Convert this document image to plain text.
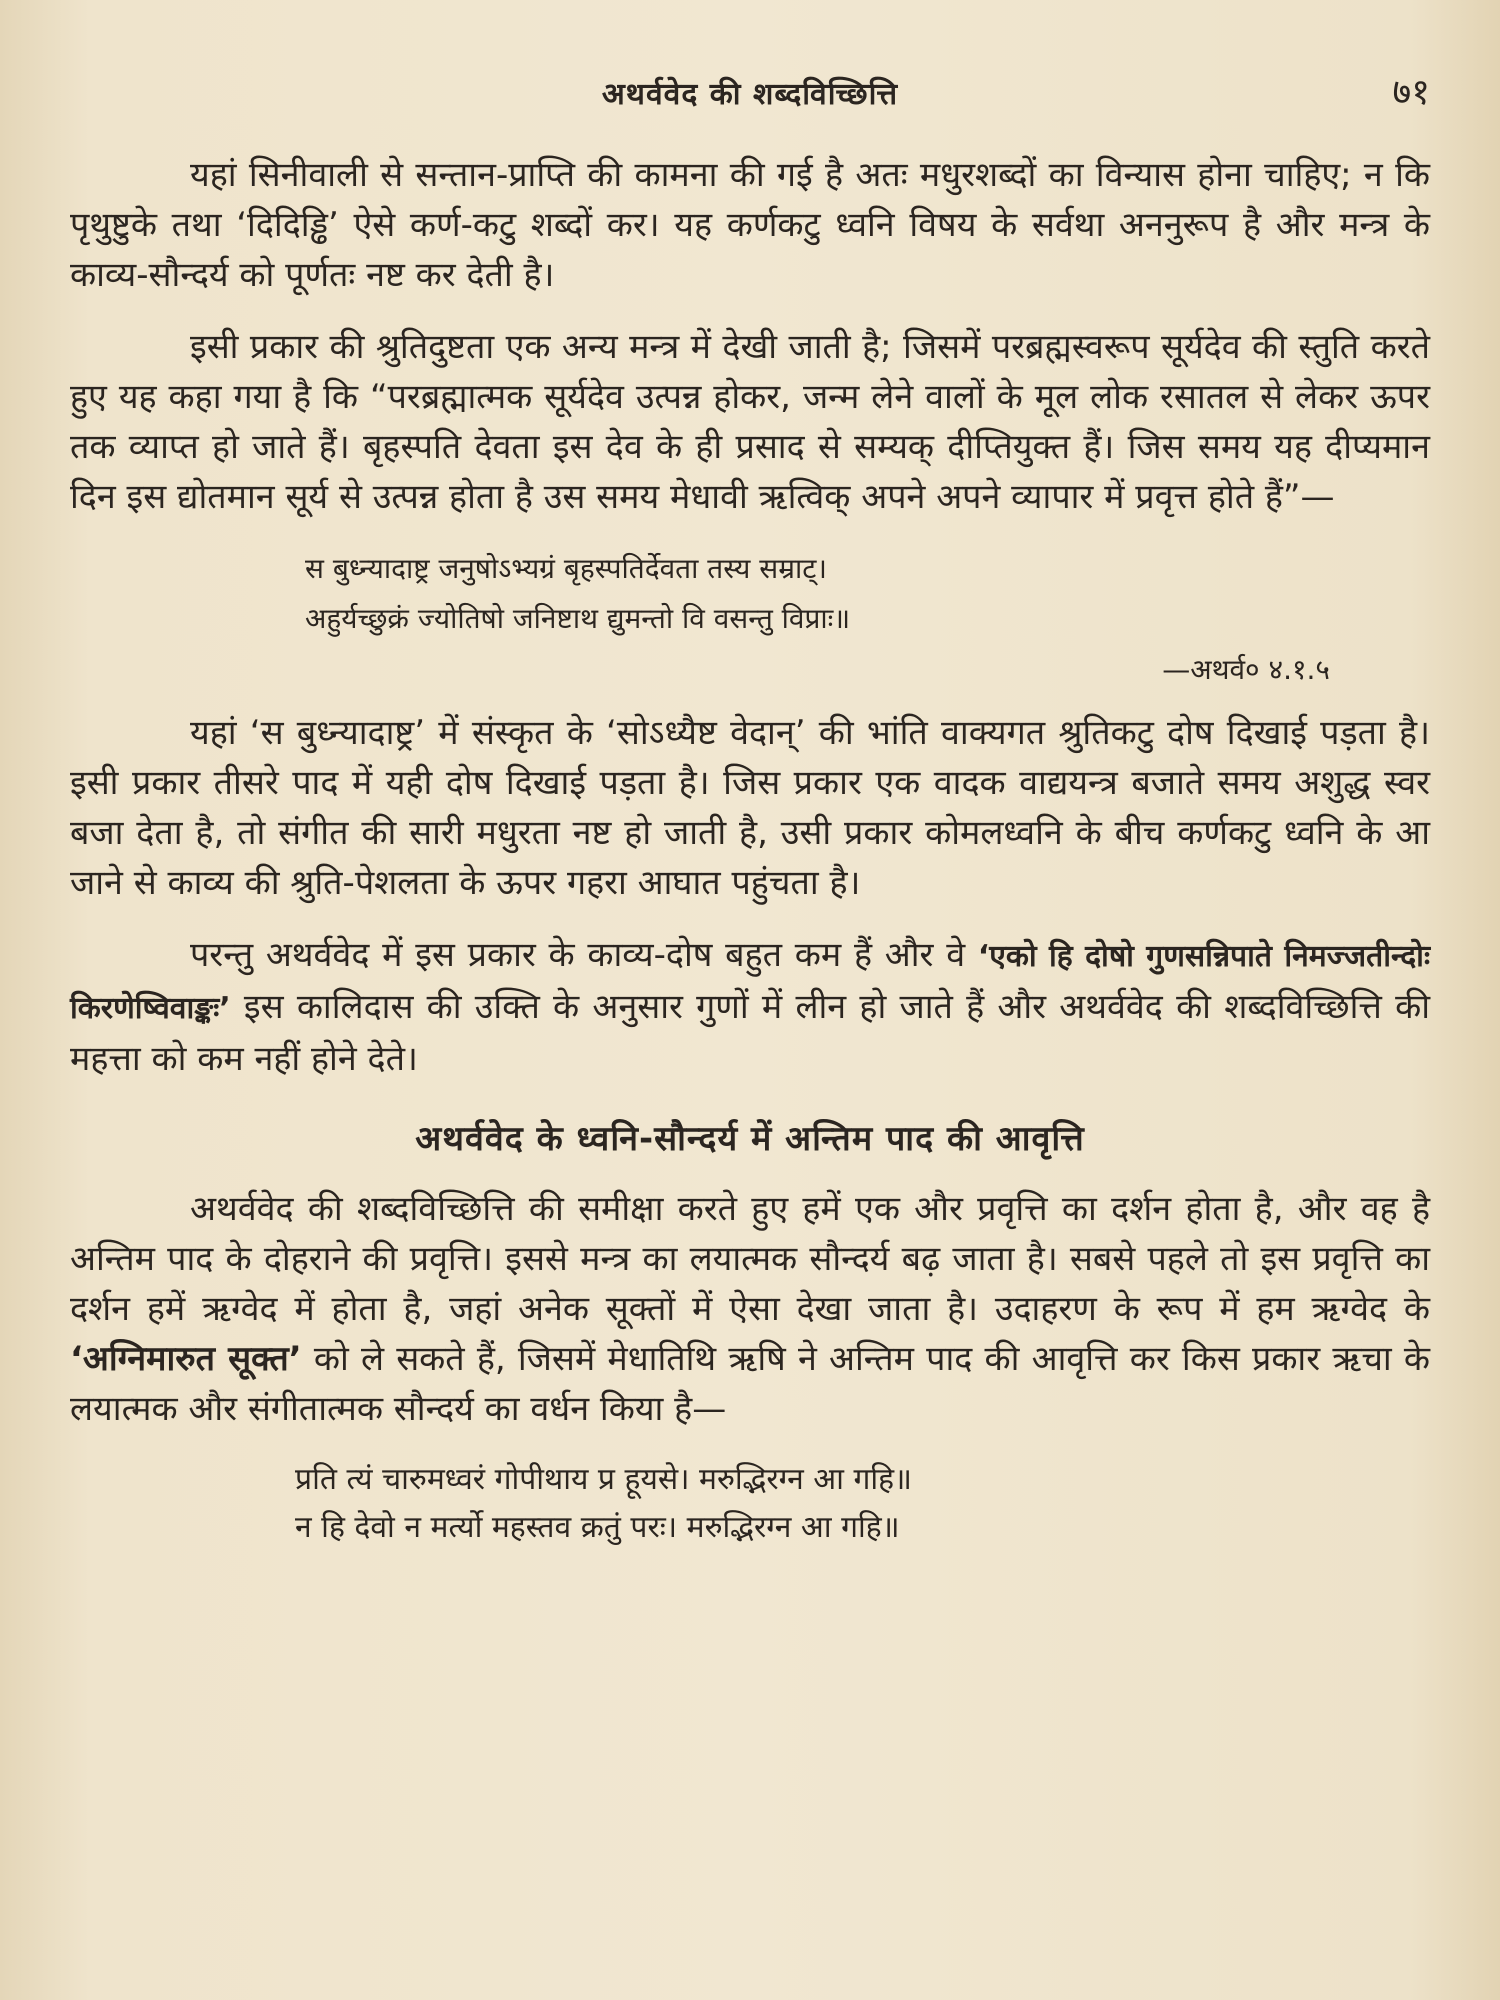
अथर्ववेद की शब्दविच्छित्ति	७१

यहां सिनीवाली से सन्तान-प्राप्ति की कामना की गई है अतः मधुरशब्दों का विन्यास होना चाहिए; न कि पृथुष्टुके तथा ‘दिदिड्ढि’ ऐसे कर्ण-कटु शब्दों कर। यह कर्णकटु ध्वनि विषय के सर्वथा अननुरूप है और मन्त्र के काव्य-सौन्दर्य को पूर्णतः नष्ट कर देती है।

इसी प्रकार की श्रुतिदुष्टता एक अन्य मन्त्र में देखी जाती है; जिसमें परब्रह्मस्वरूप सूर्यदेव की स्तुति करते हुए यह कहा गया है कि “परब्रह्मात्मक सूर्यदेव उत्पन्न होकर, जन्म लेने वालों के मूल लोक रसातल से लेकर ऊपर तक व्याप्त हो जाते हैं। बृहस्पति देवता इस देव के ही प्रसाद से सम्यक् दीप्तियुक्त हैं। जिस समय यह दीप्यमान दिन इस द्योतमान सूर्य से उत्पन्न होता है उस समय मेधावी ऋत्विक् अपने अपने व्यापार में प्रवृत्त होते हैं”—

स बुध्न्यादाष्ट्र जनुषोऽभ्यग्रं बृहस्पतिर्देवता तस्य सम्राट्।

अहुर्यच्छुक्रं ज्योतिषो जनिष्टाथ द्युमन्तो वि वसन्तु विप्राः॥

—अथर्व० ४.१.५

यहां ‘स बुध्न्यादाष्ट्र’ में संस्कृत के ‘सोऽध्यैष्ट वेदान्’ की भांति वाक्यगत श्रुतिकटु दोष दिखाई पड़ता है। इसी प्रकार तीसरे पाद में यही दोष दिखाई पड़ता है। जिस प्रकार एक वादक वाद्ययन्त्र बजाते समय अशुद्ध स्वर बजा देता है, तो संगीत की सारी मधुरता नष्ट हो जाती है, उसी प्रकार कोमलध्वनि के बीच कर्णकटु ध्वनि के आ जाने से काव्य की श्रुति-पेशलता के ऊपर गहरा आघात पहुंचता है।

परन्तु अथर्ववेद में इस प्रकार के काव्य-दोष बहुत कम हैं और वे ‘एको हि दोषो गुणसन्निपाते निमज्जतीन्दोः किरणेष्विवाङ्कः’ इस कालिदास की उक्ति के अनुसार गुणों में लीन हो जाते हैं और अथर्ववेद की शब्दविच्छित्ति की महत्ता को कम नहीं होने देते।

अथर्ववेद के ध्वनि-सौन्दर्य में अन्तिम पाद की आवृत्ति

अथर्ववेद की शब्दविच्छित्ति की समीक्षा करते हुए हमें एक और प्रवृत्ति का दर्शन होता है, और वह है अन्तिम पाद के दोहराने की प्रवृत्ति। इससे मन्त्र का लयात्मक सौन्दर्य बढ़ जाता है। सबसे पहले तो इस प्रवृत्ति का दर्शन हमें ऋग्वेद में होता है, जहां अनेक सूक्तों में ऐसा देखा जाता है। उदाहरण के रूप में हम ऋग्वेद के ‘अग्निमारुत सूक्त’ को ले सकते हैं, जिसमें मेधातिथि ऋषि ने अन्तिम पाद की आवृत्ति कर किस प्रकार ऋचा के लयात्मक और संगीतात्मक सौन्दर्य का वर्धन किया है—

प्रति त्यं चारुमध्वरं गोपीथाय प्र हूयसे। मरुद्भिरग्न आ गहि॥

न हि देवो न मर्त्यो महस्तव क्रतुं परः। मरुद्भिरग्न आ गहि॥
